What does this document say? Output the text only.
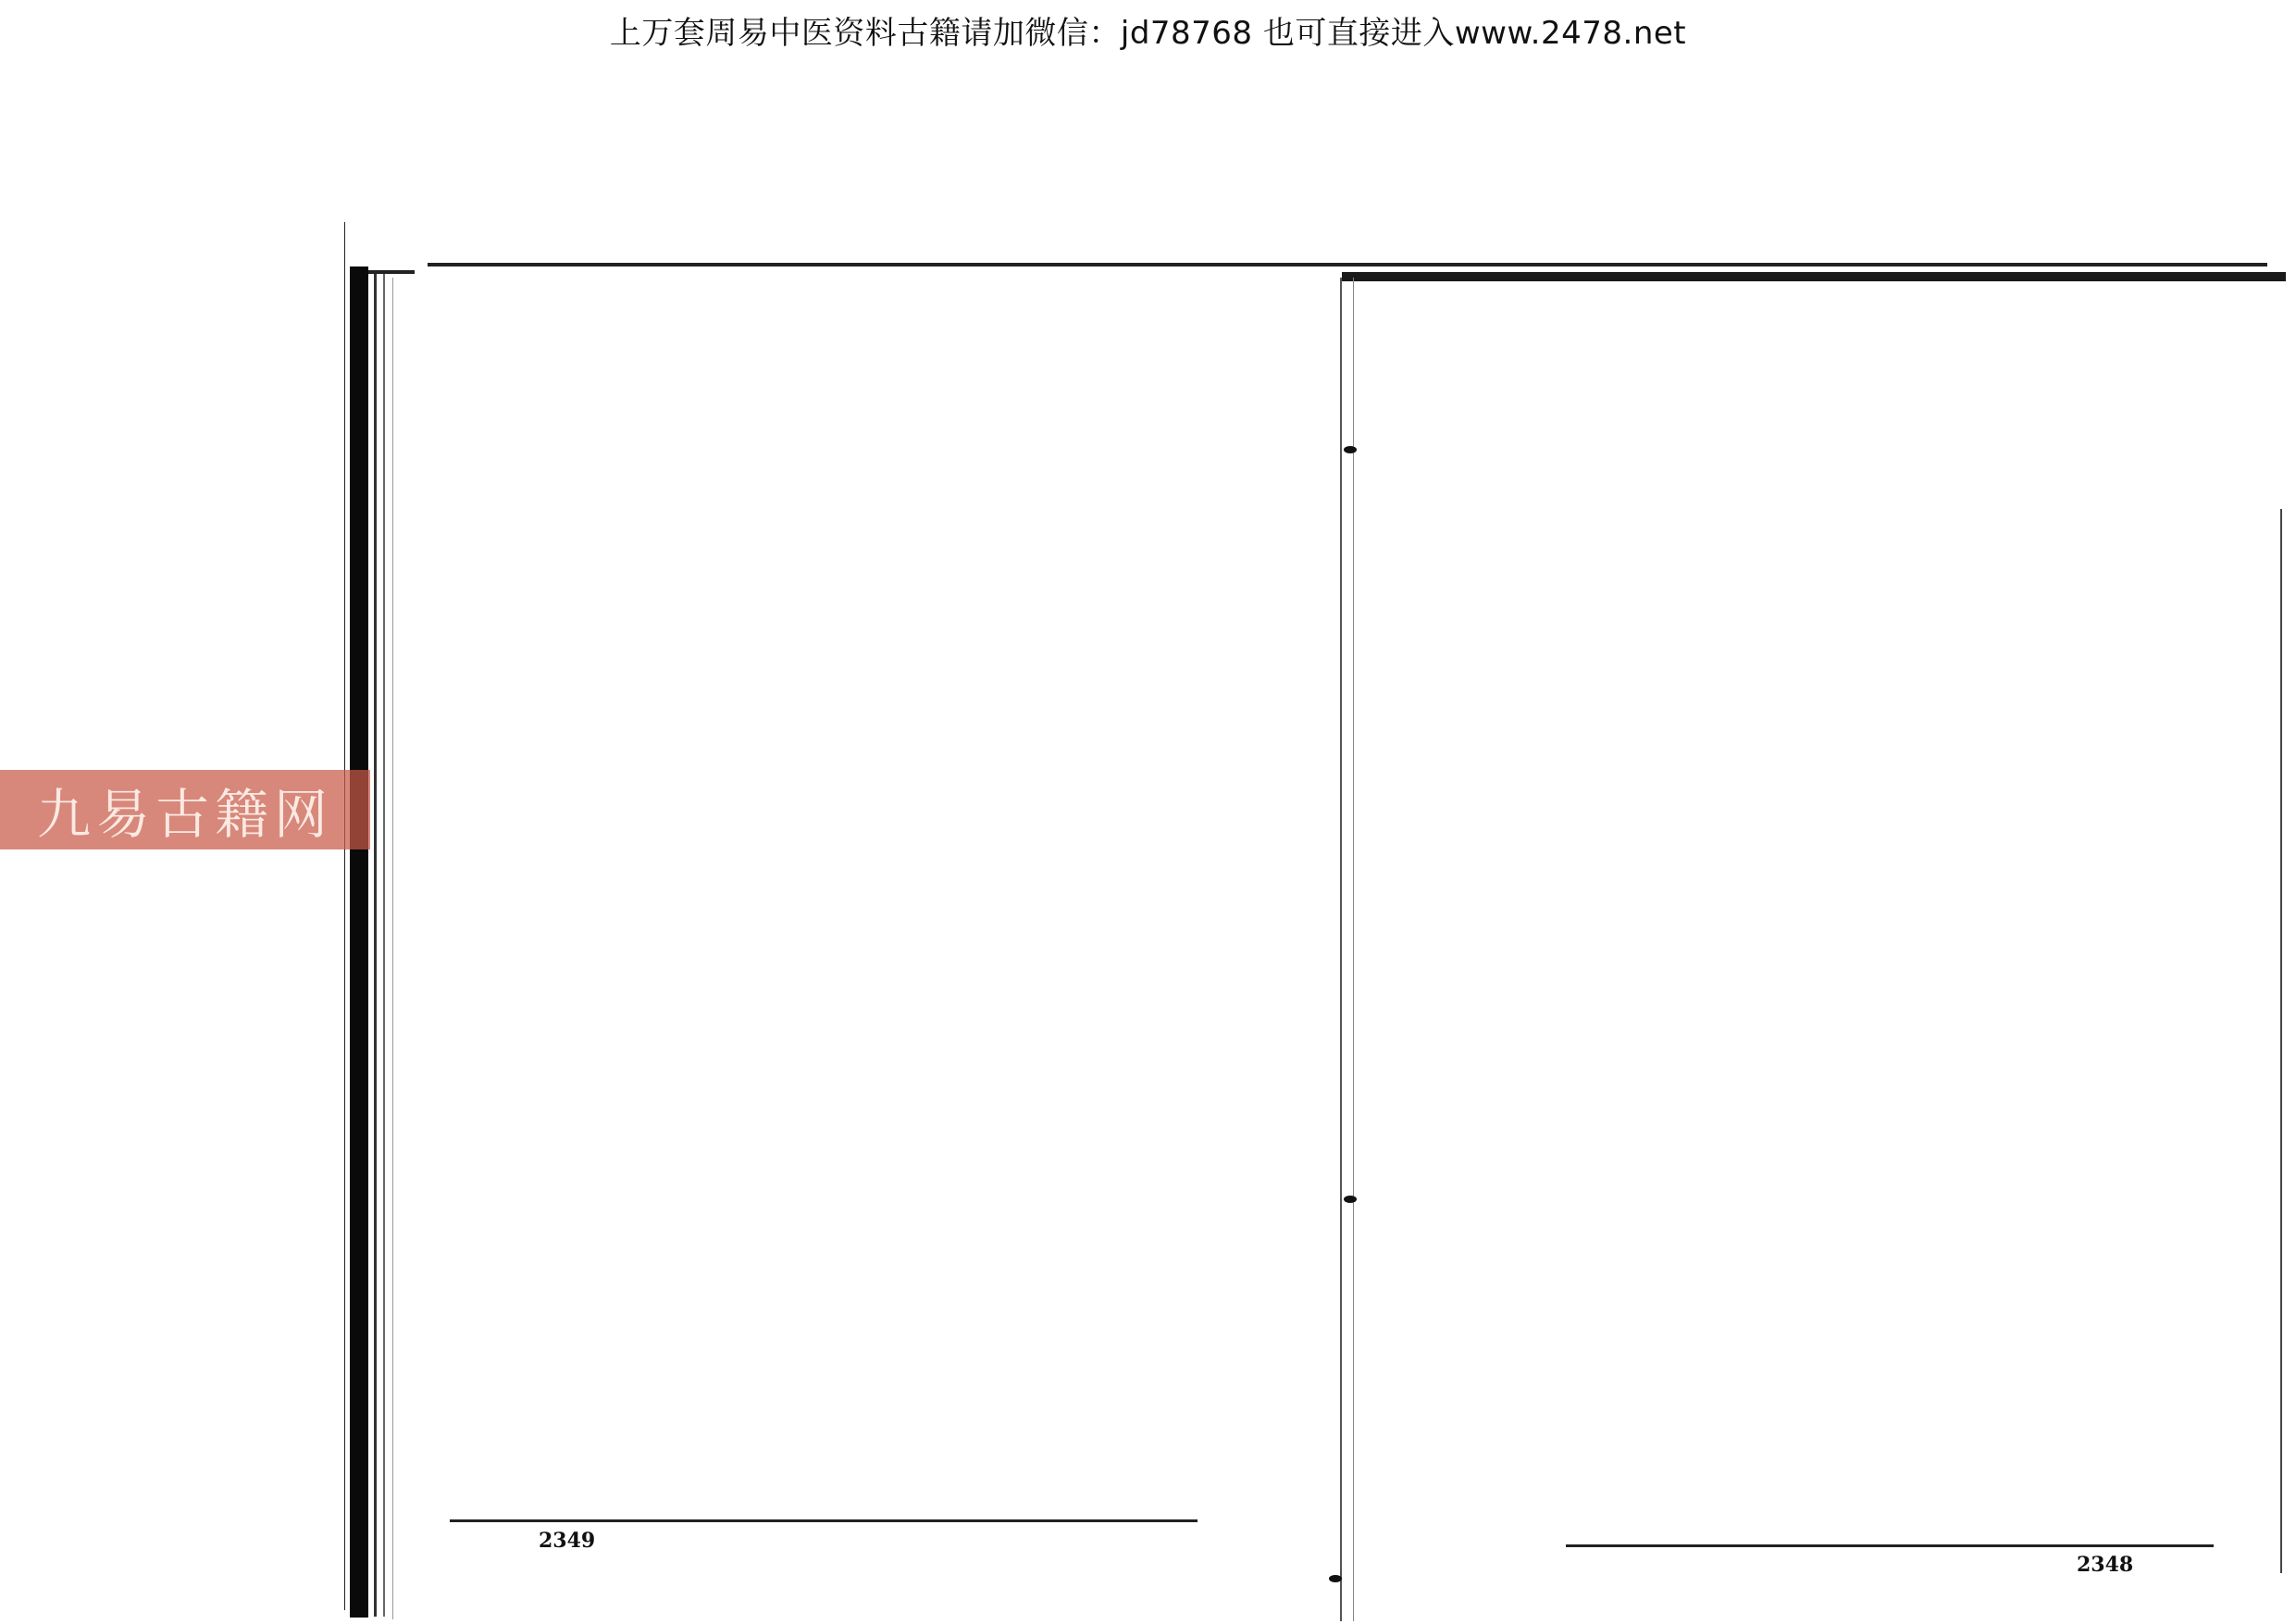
上万套周易中医资料古籍请加微信：jd78768 也可直接进入www.2478.net
2349
2348
九易古籍网
